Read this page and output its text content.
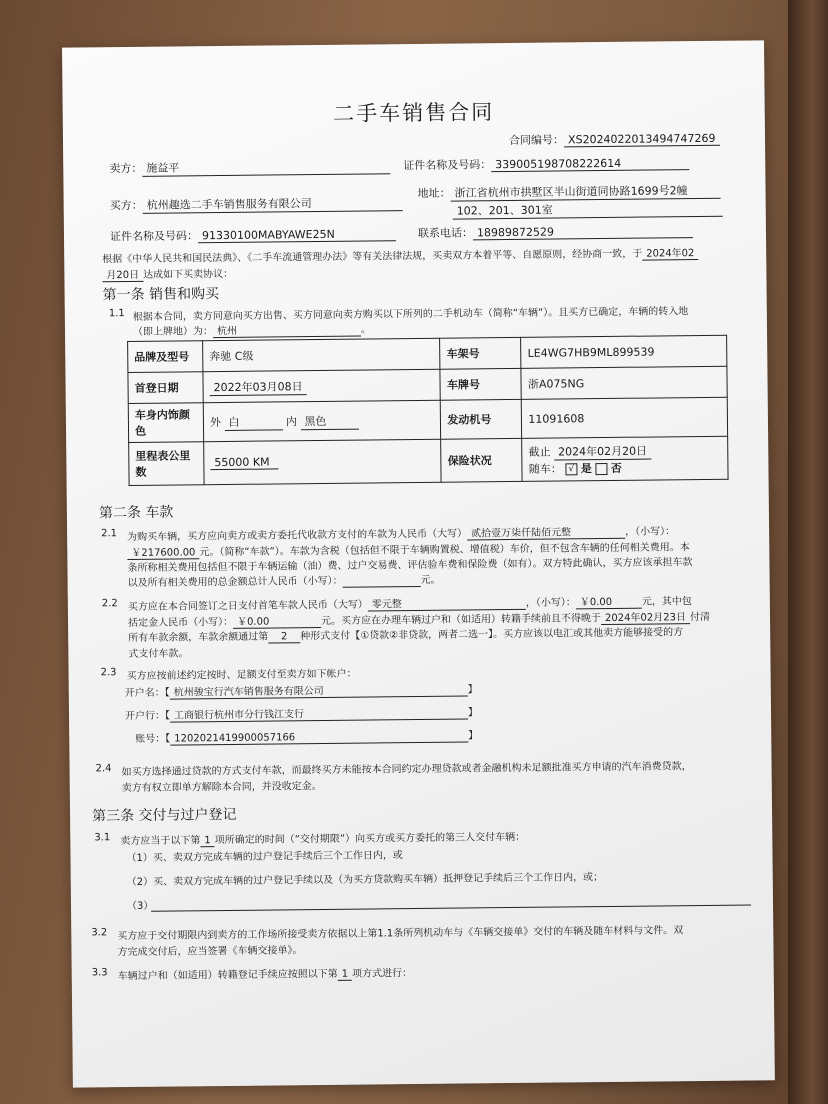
二手车销售合同
合同编号： XS20240220134947472​69
卖方： 施益平	证件名称及号码： 339005198708222614
买方： 杭州趣选二手车销售服务有限公司
地址： 浙江省杭州市拱墅区半山街道同协路1699号2幢
102、201、301室
证件名称及号码： 91330100MABYAWE25N	联系电话： 18989872529
根据《中华人民共和国民法典》、《二手车流通管理办法》等有关法律法规，买卖双方本着平等、自愿原则，经协商一致，于 2024年02
月20日 达成如下买卖协议：
第一条 销售和购买
1.1 根据本合同，卖方同意向买方出售、买方同意向卖方购买以下所列的二手机动车（简称“车辆”）。且买方已确定，车辆的转入地
（即上牌地）为： 杭州	。
品牌及型号	奔驰 C级	车架号	LE4WG7HB9ML899539
首登日期	2022年03月08日	车牌号	浙A075NG
车身内饰颜色	外 白 内 黑色	发动机号	11091608
里程表公里数	55000 KM	保险状况	截止 2024年02月20日
随车： √ 是 否
第二条 车款
2.1 为购买车辆，买方应向卖方或卖方委托代收款方支付的车款为人民币（大写） 贰拾壹万柒仟陆佰元整	，（小写）：
￥217600.00 元。（简称“车款”）。车款为含税（包括但不限于车辆购置税、增值税）车价，但不包含车辆的任何相关费用。本
条所称相关费用包括但不限于车辆运输（油）费、过户交易费、评估验车费和保险费（如有）。双方特此确认，买方应该承担车款
以及所有相关费用的总金额总计人民币（小写）：	元。
2.2 买方应在本合同签订之日支付首笔车款人民币（大写） 零元整	，（小写）： ￥0.00	元，其中包
括定金人民币（小写）： ￥0.00	元。买方应在办理车辆过户和（如适用）转籍手续前且不得晚于 2024年02月23日 付清
所有车款余额，车款余额通过第 2 种形式支付【①贷款②非贷款，两者二选一】。买方应该以电汇或其他卖方能够接受的方
式支付车款。
2.3 买方应按前述约定按时、足额支付至卖方如下帐户：
开户名：【 杭州骏宝行汽车销售服务有限公司	】
开户行：【 工商银行杭州市分行钱江支行	】
账号：【 1202021419900057166	】
2.4 如买方选择通过贷款的方式支付车款，而最终买方未能按本合同约定办理贷款或者金融机构未足额批准买方申请的汽车消费贷款，
卖方有权立即单方解除本合同，并没收定金。
第三条 交付与过户登记
3.1 卖方应当于以下第 1 项所确定的时间（“交付期限”）向买方或买方委托的第三人交付车辆：
（1）买、卖双方完成车辆的过户登记手续后三个工作日内，或
（2）买、卖双方完成车辆的过户登记手续以及（为买方贷款购买车辆）抵押登记手续后三个工作日内，或；
（3）
3.2 买方应于交付期限内到卖方的工作场所接受卖方依据以上第1.1条所列机动车与《车辆交接单》交付的车辆及随车材料与文件。双
方完成交付后，应当签署《车辆交接单》。
3.3 车辆过户和（如适用）转籍登记手续应按照以下第 1 项方式进行：
